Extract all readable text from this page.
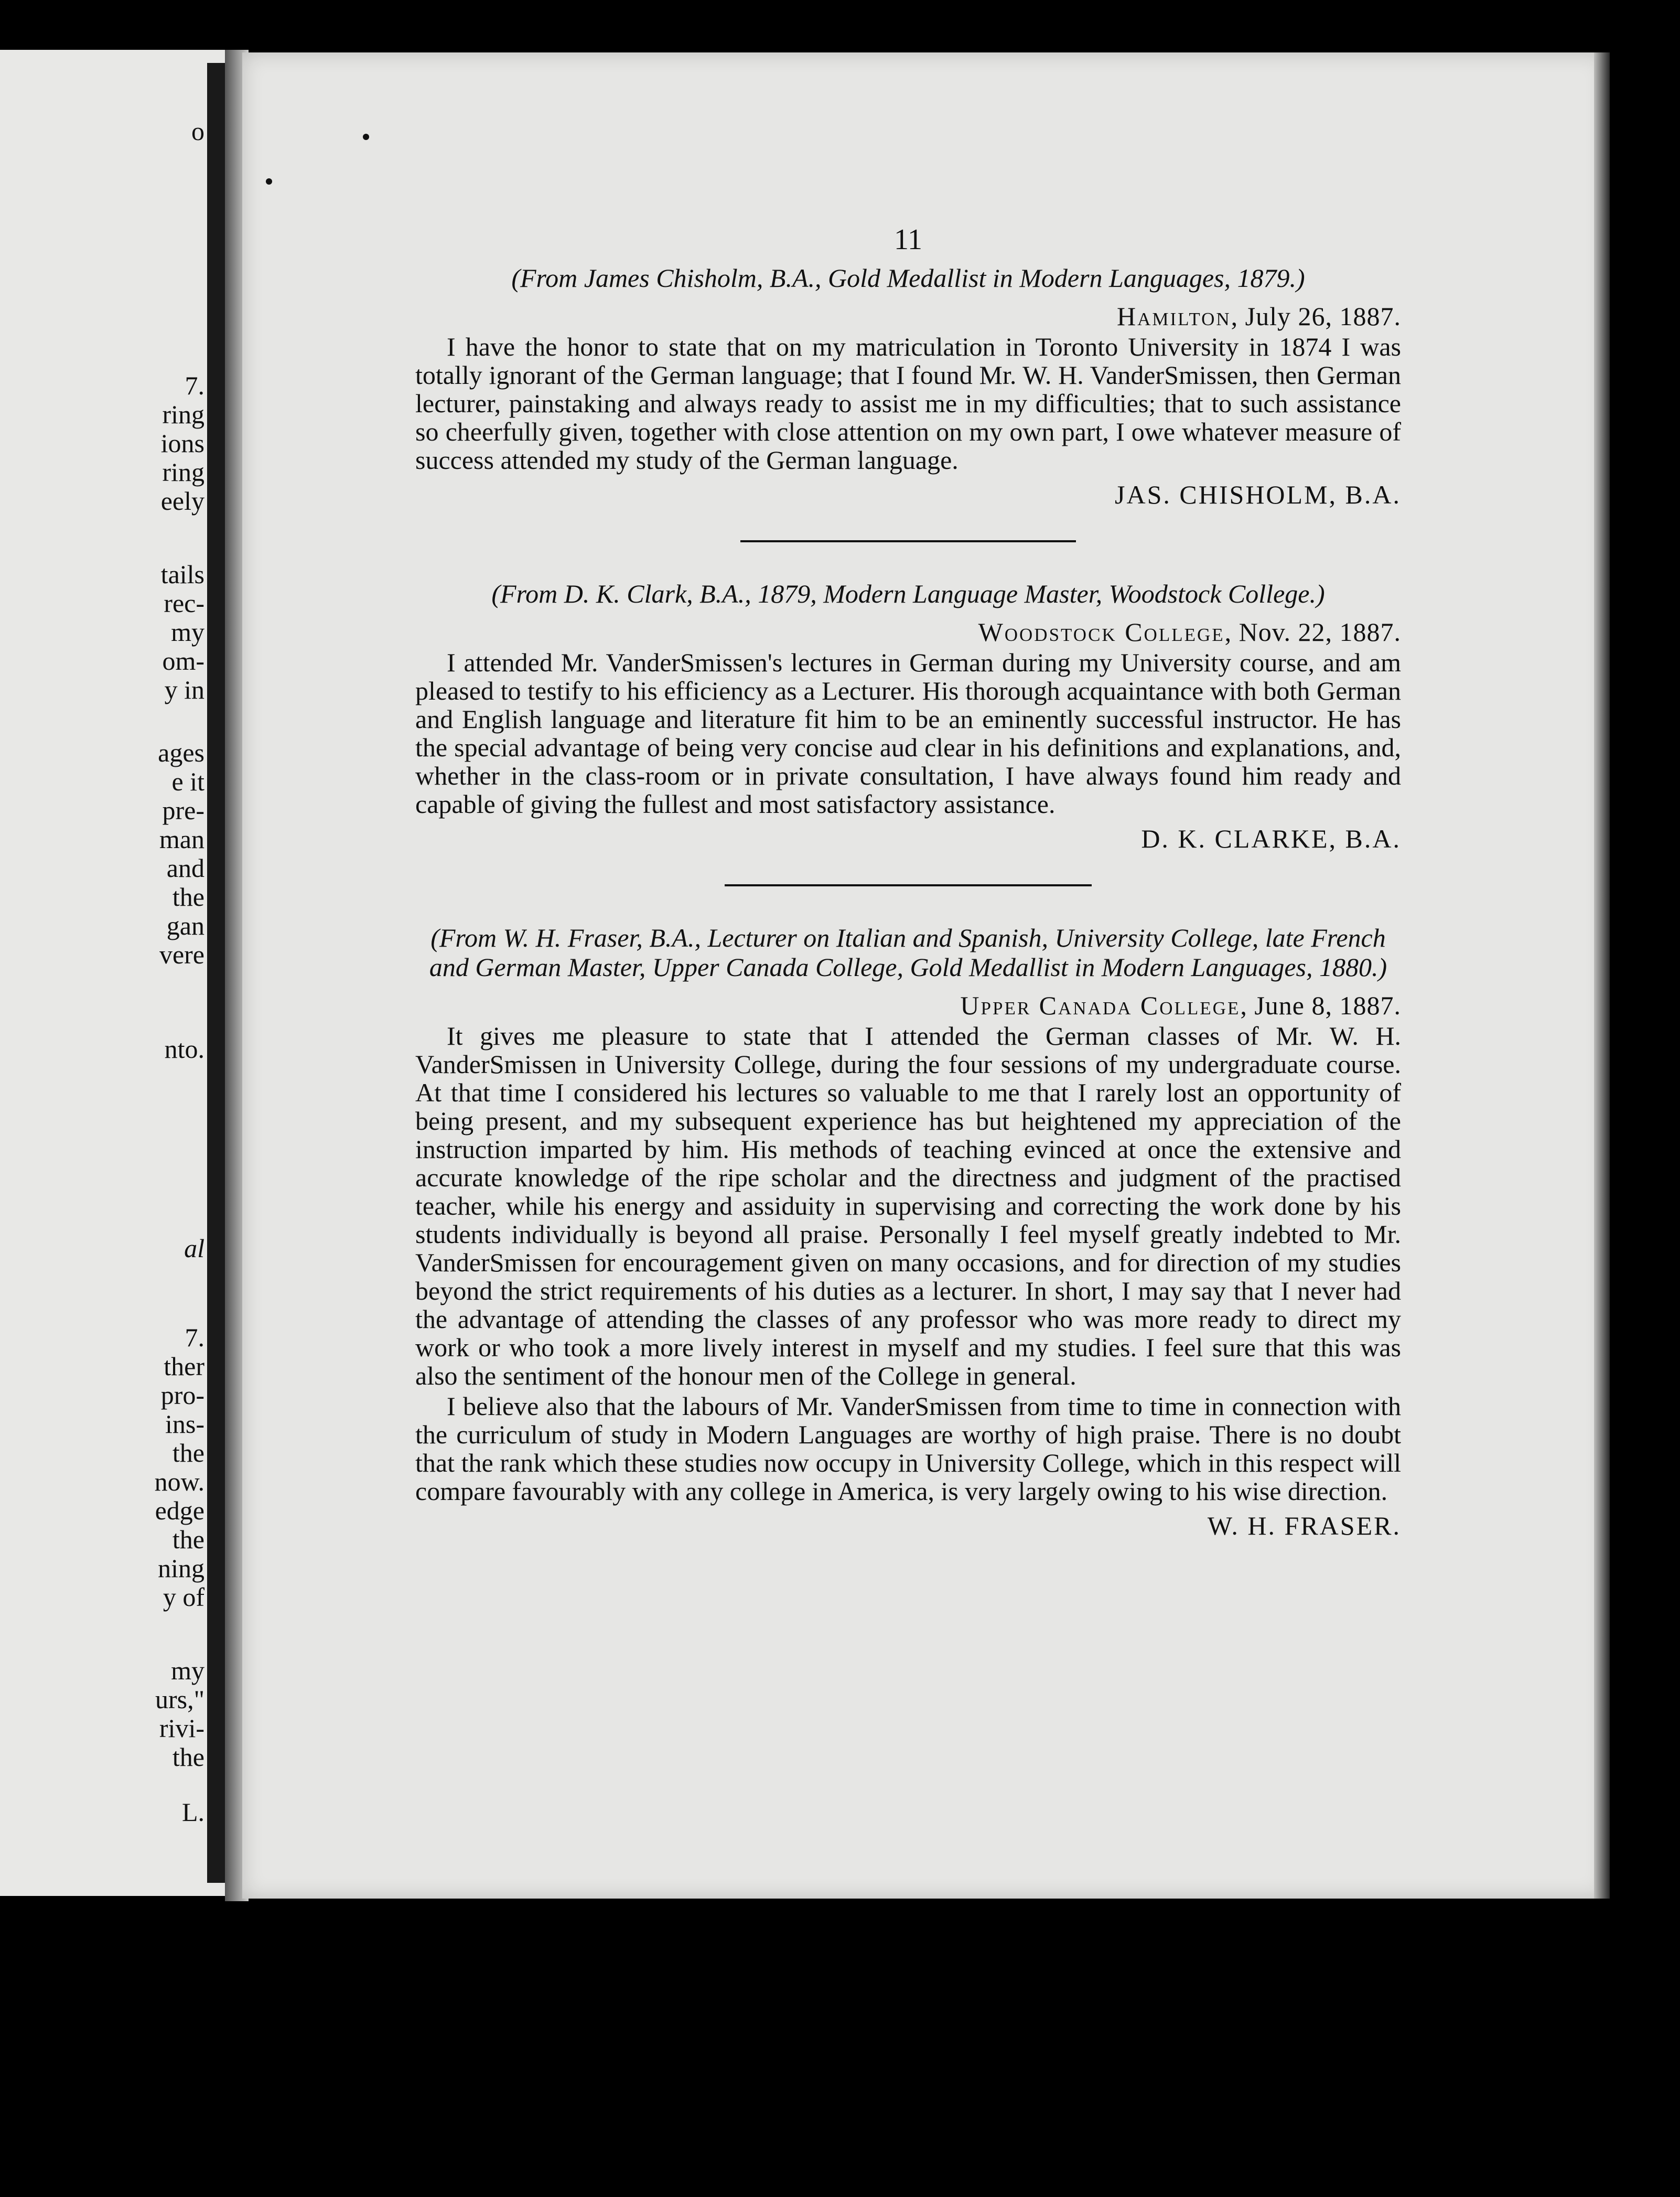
o
7.
ring
ions
ring
eely
tails
rec-
my
om-
y in
ages
e it
pre-
man
and
the
gan
vere
nto.
al
7.
ther
pro-
ins-
the
now.
edge
the
ning
y of
my
urs,"
rivi-
the
L.
11

(From James Chisholm, B.A., Gold Medallist in Modern Languages, 1879.)

Hamilton, July 26, 1887.

I have the honor to state that on my matriculation in Toronto University in 1874 I was totally ignorant of the German language; that I found Mr. W. H. VanderSmissen, then German lecturer, painstaking and always ready to assist me in my difficulties; that to such assistance so cheerfully given, together with close attention on my own part, I owe whatever measure of success attended my study of the German language.

JAS. CHISHOLM, B.A.

(From D. K. Clark, B.A., 1879, Modern Language Master, Woodstock College.)

Woodstock College, Nov. 22, 1887.

I attended Mr. VanderSmissen's lectures in German during my University course, and am pleased to testify to his efficiency as a Lecturer. His thorough acquaintance with both German and English language and literature fit him to be an eminently successful instructor. He has the special advantage of being very concise aud clear in his definitions and explanations, and, whether in the class-room or in private consultation, I have always found him ready and capable of giving the fullest and most satisfactory assistance.

D. K. CLARKE, B.A.

(From W. H. Fraser, B.A., Lecturer on Italian and Spanish, University College, late French and German Master, Upper Canada College, Gold Medallist in Modern Languages, 1880.)

Upper Canada College, June 8, 1887.

It gives me pleasure to state that I attended the German classes of Mr. W. H. VanderSmissen in University College, during the four sessions of my undergraduate course. At that time I considered his lectures so valuable to me that I rarely lost an opportunity of being present, and my subsequent experience has but heightened my appreciation of the instruction imparted by him. His methods of teaching evinced at once the extensive and accurate knowledge of the ripe scholar and the directness and judgment of the practised teacher, while his energy and assiduity in supervising and correcting the work done by his students individually is beyond all praise. Personally I feel myself greatly indebted to Mr. VanderSmissen for encouragement given on many occasions, and for direction of my studies beyond the strict requirements of his duties as a lecturer. In short, I may say that I never had the advantage of attending the classes of any professor who was more ready to direct my work or who took a more lively interest in myself and my studies. I feel sure that this was also the sentiment of the honour men of the College in general.

I believe also that the labours of Mr. VanderSmissen from time to time in connection with the curriculum of study in Modern Languages are worthy of high praise. There is no doubt that the rank which these studies now occupy in University College, which in this respect will compare favourably with any college in America, is very largely owing to his wise direction.

W. H. FRASER.
